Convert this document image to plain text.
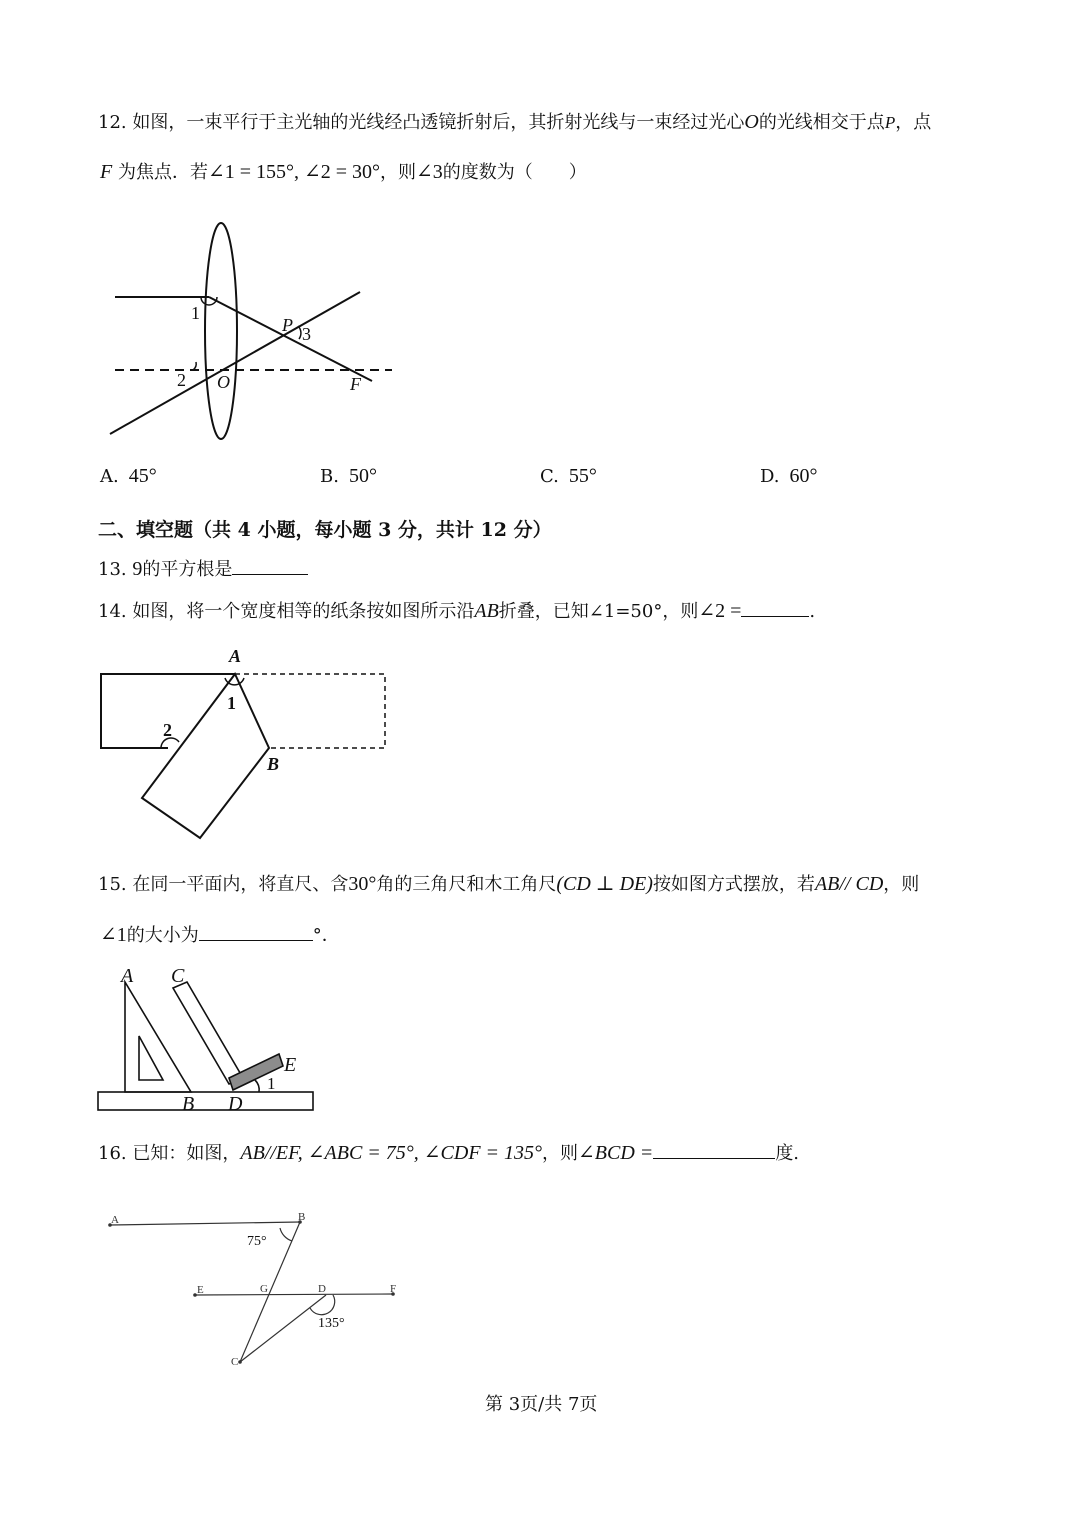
12. 如图，一束平行于主光轴的光线经凸透镜折射后，其折射光线与一束经过光心O的光线相交于点P，点
F 为焦点．若∠1 = 155°, ∠2 = 30°，则∠3的度数为（　　）
1
2
3
P
O	F
A. 45°	B. 50°	C. 55°	D. 60°
二、填空题（共 4 小题，每小题 3 分，共计 12 分）
13. 9的平方根是
14. 如图，将一个宽度相等的纸条按如图所示沿AB折叠，已知∠1=50°，则∠2 =	.
A
B
1
2
15. 在同一平面内，将直尺、含30°角的三角尺和木工角尺(CD ⊥ DE)按如图方式摆放，若AB// CD，则
∠1的大小为	°．
A C
E
B D
1
16. 已知：如图，AB//EF, ∠ABC = 75°, ∠CDF = 135°，则∠BCD =	度.
A	B
E	G	D	F
C
75°
135°
第 3页/共 7页
